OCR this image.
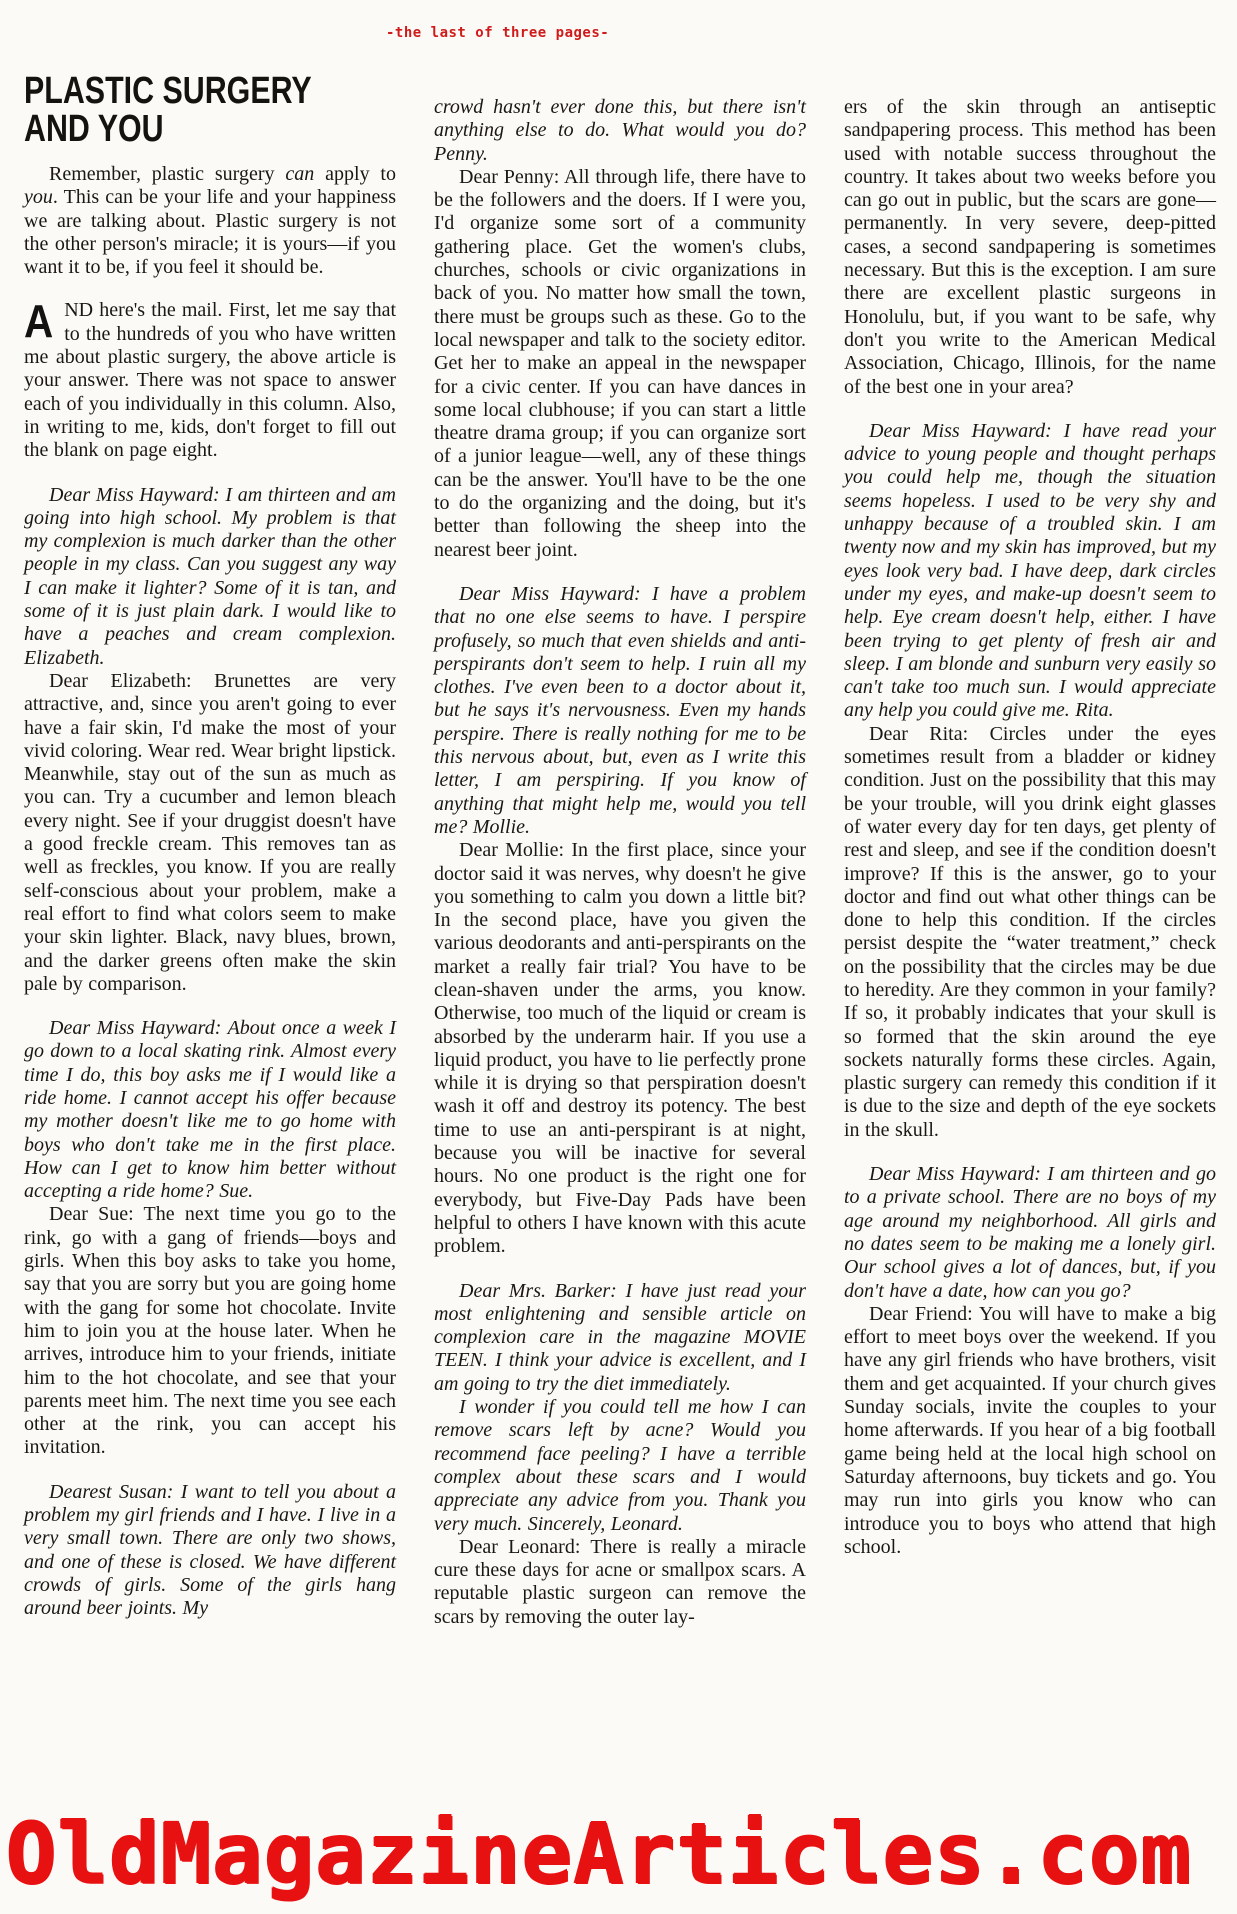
-the last of three pages-
PLASTIC SURGERY
AND YOU

Remember, plastic surgery can apply to you. This can be your life and your happiness we are talking about. Plastic surgery is not the other person's miracle; it is yours—if you want it to be, if you feel it should be.

AND here's the mail. First, let me say that to the hundreds of you who have written me about plastic surgery, the above article is your answer. There was not space to answer each of you individually in this column. Also, in writing to me, kids, don't forget to fill out the blank on page eight.

Dear Miss Hayward: I am thirteen and am going into high school. My problem is that my complexion is much darker than the other people in my class. Can you suggest any way I can make it lighter? Some of it is tan, and some of it is just plain dark. I would like to have a peaches and cream complexion. Elizabeth.

Dear Elizabeth: Brunettes are very attractive, and, since you aren't going to ever have a fair skin, I'd make the most of your vivid coloring. Wear red. Wear bright lipstick. Meanwhile, stay out of the sun as much as you can. Try a cucumber and lemon bleach every night. See if your druggist doesn't have a good freckle cream. This removes tan as well as freckles, you know. If you are really self-conscious about your problem, make a real effort to find what colors seem to make your skin lighter. Black, navy blues, brown, and the darker greens often make the skin pale by comparison.

Dear Miss Hayward: About once a week I go down to a local skating rink. Almost every time I do, this boy asks me if I would like a ride home. I cannot accept his offer because my mother doesn't like me to go home with boys who don't take me in the first place. How can I get to know him better without accepting a ride home? Sue.

Dear Sue: The next time you go to the rink, go with a gang of friends—boys and girls. When this boy asks to take you home, say that you are sorry but you are going home with the gang for some hot chocolate. Invite him to join you at the house later. When he arrives, introduce him to your friends, initiate him to the hot chocolate, and see that your parents meet him. The next time you see each other at the rink, you can accept his invitation.

Dearest Susan: I want to tell you about a problem my girl friends and I have. I live in a very small town. There are only two shows, and one of these is closed. We have different crowds of girls. Some of the girls hang around beer joints. My

crowd hasn't ever done this, but there isn't anything else to do. What would you do? Penny.

Dear Penny: All through life, there have to be the followers and the doers. If I were you, I'd organize some sort of a community gathering place. Get the women's clubs, churches, schools or civic organizations in back of you. No matter how small the town, there must be groups such as these. Go to the local newspaper and talk to the society editor. Get her to make an appeal in the newspaper for a civic center. If you can have dances in some local clubhouse; if you can start a little theatre drama group; if you can organize sort of a junior league—well, any of these things can be the answer. You'll have to be the one to do the organizing and the doing, but it's better than following the sheep into the nearest beer joint.

Dear Miss Hayward: I have a problem that no one else seems to have. I perspire profusely, so much that even shields and anti-perspirants don't seem to help. I ruin all my clothes. I've even been to a doctor about it, but he says it's nervousness. Even my hands perspire. There is really nothing for me to be this nervous about, but, even as I write this letter, I am perspiring. If you know of anything that might help me, would you tell me? Mollie.

Dear Mollie: In the first place, since your doctor said it was nerves, why doesn't he give you something to calm you down a little bit? In the second place, have you given the various deodorants and anti-perspirants on the market a really fair trial? You have to be clean-shaven under the arms, you know. Otherwise, too much of the liquid or cream is absorbed by the underarm hair. If you use a liquid product, you have to lie perfectly prone while it is drying so that perspiration doesn't wash it off and destroy its potency. The best time to use an anti-perspirant is at night, because you will be inactive for several hours. No one product is the right one for everybody, but Five-Day Pads have been helpful to others I have known with this acute problem.

Dear Mrs. Barker: I have just read your most enlightening and sensible article on complexion care in the magazine MOVIE TEEN. I think your advice is excellent, and I am going to try the diet immediately.

I wonder if you could tell me how I can remove scars left by acne? Would you recommend face peeling? I have a terrible complex about these scars and I would appreciate any advice from you. Thank you very much. Sincerely, Leonard.

Dear Leonard: There is really a miracle cure these days for acne or smallpox scars. A reputable plastic surgeon can remove the scars by removing the outer lay-

ers of the skin through an antiseptic sandpapering process. This method has been used with notable success throughout the country. It takes about two weeks before you can go out in public, but the scars are gone—permanently. In very severe, deep-pitted cases, a second sandpapering is sometimes necessary. But this is the exception. I am sure there are excellent plastic surgeons in Honolulu, but, if you want to be safe, why don't you write to the American Medical Association, Chicago, Illinois, for the name of the best one in your area?

Dear Miss Hayward: I have read your advice to young people and thought perhaps you could help me, though the situation seems hopeless. I used to be very shy and unhappy because of a troubled skin. I am twenty now and my skin has improved, but my eyes look very bad. I have deep, dark circles under my eyes, and make-up doesn't seem to help. Eye cream doesn't help, either. I have been trying to get plenty of fresh air and sleep. I am blonde and sunburn very easily so can't take too much sun. I would appreciate any help you could give me. Rita.

Dear Rita: Circles under the eyes sometimes result from a bladder or kidney condition. Just on the possibility that this may be your trouble, will you drink eight glasses of water every day for ten days, get plenty of rest and sleep, and see if the condition doesn't improve? If this is the answer, go to your doctor and find out what other things can be done to help this condition. If the circles persist despite the “water treatment,” check on the possibility that the circles may be due to heredity. Are they common in your family? If so, it probably indicates that your skull is so formed that the skin around the eye sockets naturally forms these circles. Again, plastic surgery can remedy this condition if it is due to the size and depth of the eye sockets in the skull.

Dear Miss Hayward: I am thirteen and go to a private school. There are no boys of my age around my neighborhood. All girls and no dates seem to be making me a lonely girl. Our school gives a lot of dances, but, if you don't have a date, how can you go?

Dear Friend: You will have to make a big effort to meet boys over the weekend. If you have any girl friends who have brothers, visit them and get acquainted. If your church gives Sunday socials, invite the couples to your home afterwards. If you hear of a big football game being held at the local high school on Saturday afternoons, buy tickets and go. You may run into girls you know who can introduce you to boys who attend that high school.

OldMagazineArticles.com
